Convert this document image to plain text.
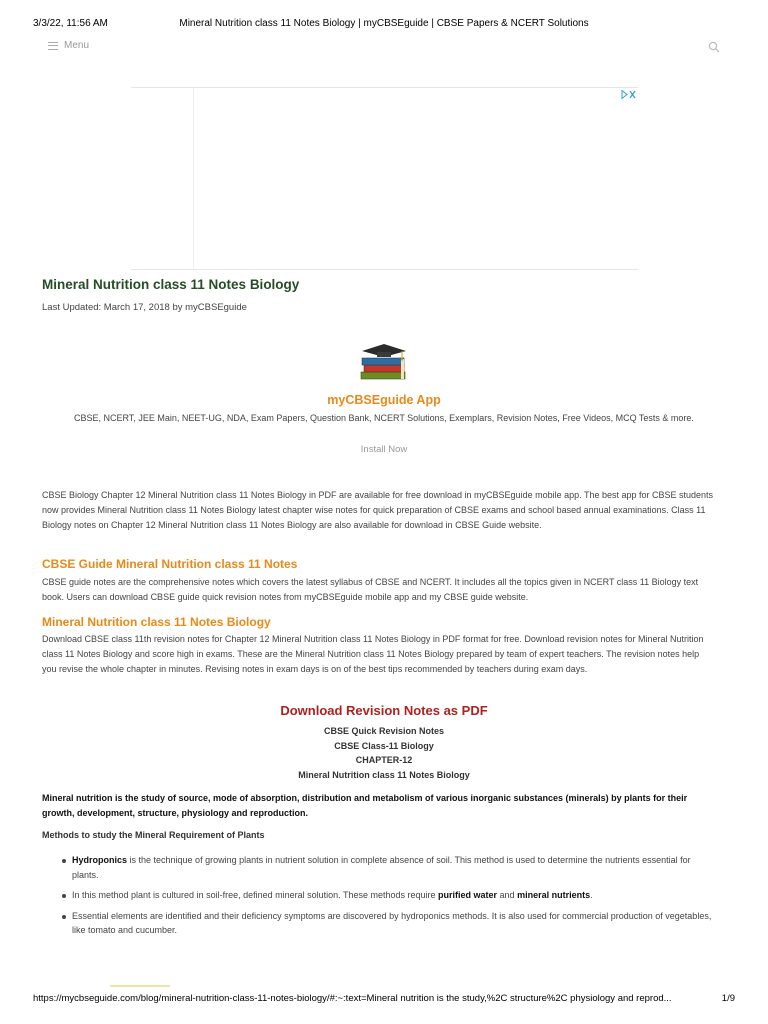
3/3/22, 11:56 AM	Mineral Nutrition class 11 Notes Biology | myCBSEguide | CBSE Papers & NCERT Solutions
Menu
Mineral Nutrition class 11 Notes Biology
Last Updated: March 17, 2018 by myCBSEguide
myCBSEguide App
CBSE, NCERT, JEE Main, NEET-UG, NDA, Exam Papers, Question Bank, NCERT Solutions, Exemplars, Revision Notes, Free Videos, MCQ Tests & more.
Install Now

CBSE Biology Chapter 12 Mineral Nutrition class 11 Notes Biology in PDF are available for free download in myCBSEguide mobile app. The best app for CBSE students now provides Mineral Nutrition class 11 Notes Biology latest chapter wise notes for quick preparation of CBSE exams and school based annual examinations. Class 11 Biology notes on Chapter 12 Mineral Nutrition class 11 Notes Biology are also available for download in CBSE Guide website.

CBSE Guide Mineral Nutrition class 11 Notes

CBSE guide notes are the comprehensive notes which covers the latest syllabus of CBSE and NCERT. It includes all the topics given in NCERT class 11 Biology text book. Users can download CBSE guide quick revision notes from myCBSEguide mobile app and my CBSE guide website.

Mineral Nutrition class 11 Notes Biology

Download CBSE class 11th revision notes for Chapter 12 Mineral Nutrition class 11 Notes Biology in PDF format for free. Download revision notes for Mineral Nutrition class 11 Notes Biology and score high in exams. These are the Mineral Nutrition class 11 Notes Biology prepared by team of expert teachers. The revision notes help you revise the whole chapter in minutes. Revising notes in exam days is on of the best tips recommended by teachers during exam days.

Download Revision Notes as PDF
CBSE Quick Revision Notes
CBSE Class-11 Biology
CHAPTER-12
Mineral Nutrition class 11 Notes Biology

Mineral nutrition is the study of source, mode of absorption, distribution and metabolism of various inorganic substances (minerals) by plants for their growth, development, structure, physiology and reproduction.

Methods to study the Mineral Requirement of Plants
Hydroponics is the technique of growing plants in nutrient solution in complete absence of soil. This method is used to determine the nutrients essential for plants.
In this method plant is cultured in soil-free, defined mineral solution. These methods require purified water and mineral nutrients.
Essential elements are identified and their deficiency symptoms are discovered by hydroponics methods. It is also used for commercial production of vegetables, like tomato and cucumber.
https://mycbseguide.com/blog/mineral-nutrition-class-11-notes-biology/#:~:text=Mineral nutrition is the study,%2C structure%2C physiology and reprod...	1/9
